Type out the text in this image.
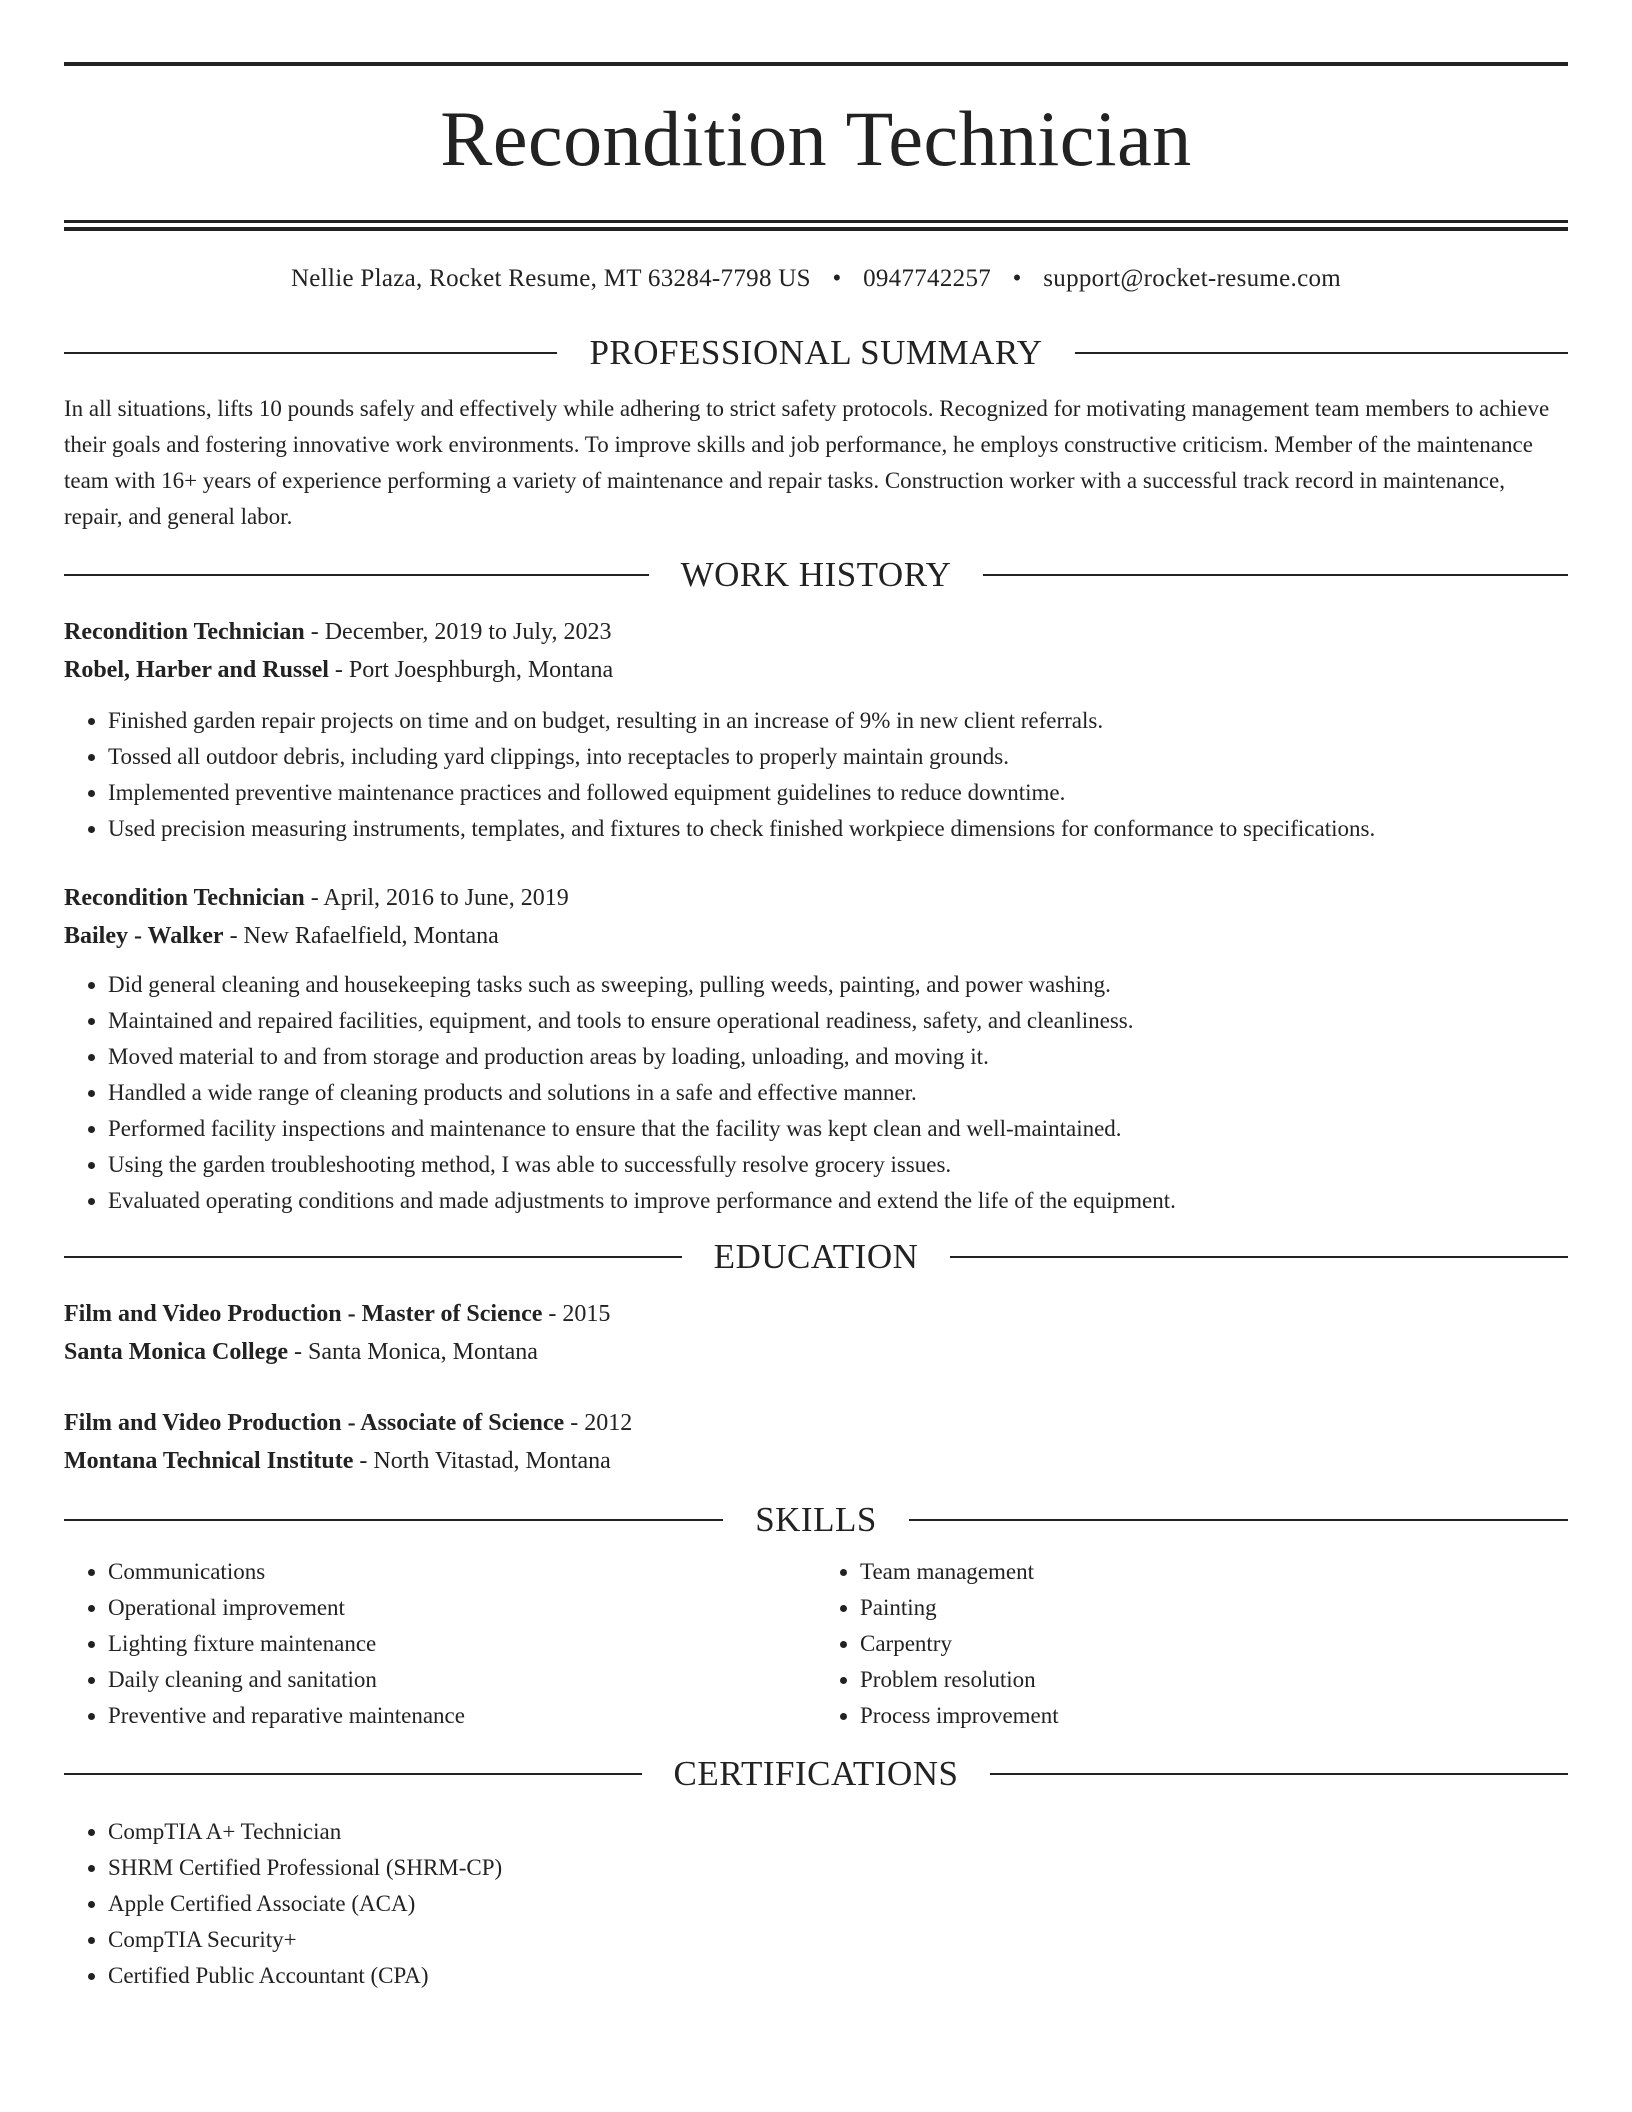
Recondition Technician
Nellie Plaza, Rocket Resume, MT 63284-7798 US • 0947742257 • support@rocket-resume.com
PROFESSIONAL SUMMARY
In all situations, lifts 10 pounds safely and effectively while adhering to strict safety protocols. Recognized for motivating management team members to achieve their goals and fostering innovative work environments. To improve skills and job performance, he employs constructive criticism. Member of the maintenance team with 16+ years of experience performing a variety of maintenance and repair tasks. Construction worker with a successful track record in maintenance, repair, and general labor.
WORK HISTORY
Recondition Technician - December, 2019 to July, 2023
Robel, Harber and Russel - Port Joesphburgh, Montana
• Finished garden repair projects on time and on budget, resulting in an increase of 9% in new client referrals.
• Tossed all outdoor debris, including yard clippings, into receptacles to properly maintain grounds.
• Implemented preventive maintenance practices and followed equipment guidelines to reduce downtime.
• Used precision measuring instruments, templates, and fixtures to check finished workpiece dimensions for conformance to specifications.
Recondition Technician - April, 2016 to June, 2019
Bailey - Walker - New Rafaelfield, Montana
• Did general cleaning and housekeeping tasks such as sweeping, pulling weeds, painting, and power washing.
• Maintained and repaired facilities, equipment, and tools to ensure operational readiness, safety, and cleanliness.
• Moved material to and from storage and production areas by loading, unloading, and moving it.
• Handled a wide range of cleaning products and solutions in a safe and effective manner.
• Performed facility inspections and maintenance to ensure that the facility was kept clean and well-maintained.
• Using the garden troubleshooting method, I was able to successfully resolve grocery issues.
• Evaluated operating conditions and made adjustments to improve performance and extend the life of the equipment.
EDUCATION
Film and Video Production - Master of Science - 2015
Santa Monica College - Santa Monica, Montana
Film and Video Production - Associate of Science - 2012
Montana Technical Institute - North Vitastad, Montana
SKILLS
• Communications
• Operational improvement
• Lighting fixture maintenance
• Daily cleaning and sanitation
• Preventive and reparative maintenance
• Team management
• Painting
• Carpentry
• Problem resolution
• Process improvement
CERTIFICATIONS
• CompTIA A+ Technician
• SHRM Certified Professional (SHRM-CP)
• Apple Certified Associate (ACA)
• CompTIA Security+
• Certified Public Accountant (CPA)
